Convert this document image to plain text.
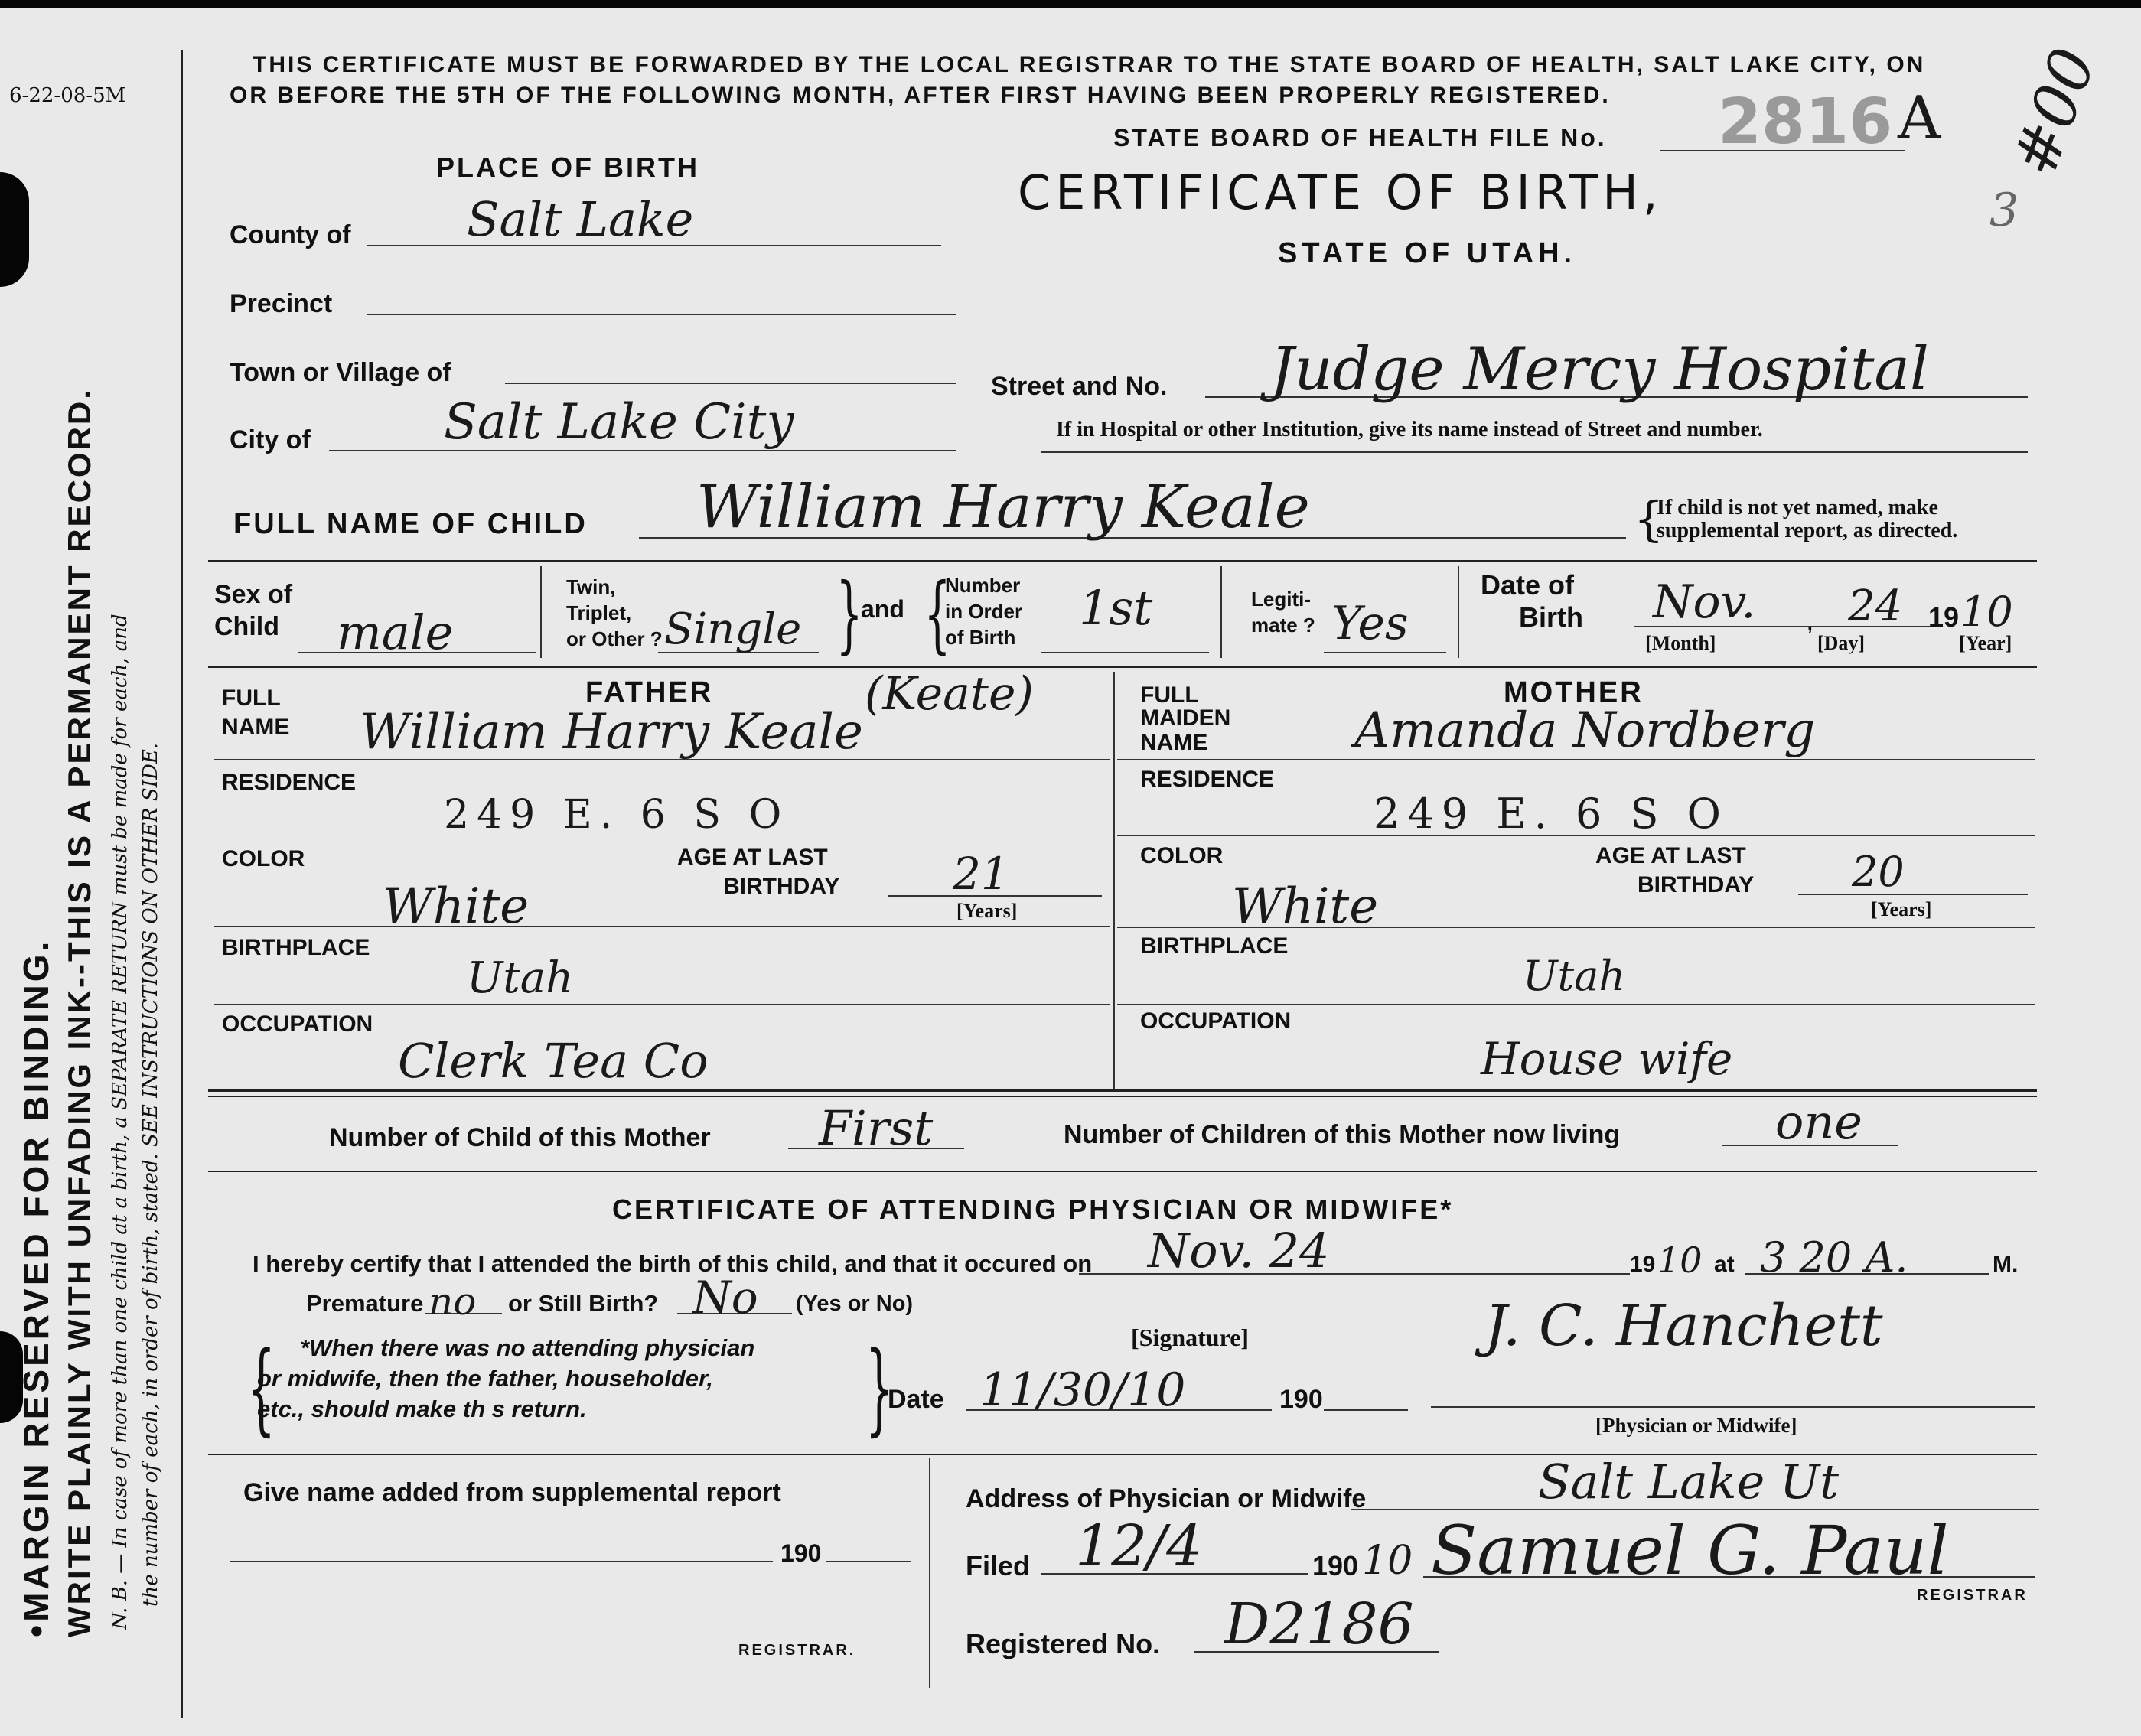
6-22-08-5M
•MARGIN RESERVED FOR BINDING. WRITE PLAINLY WITH UNFADING INK--THIS IS A PERMANENT RECORD. N. B. — In case of more than one child at a birth, a SEPARATE RETURN must be made for each, and the number of each, in order of birth, stated. SEE INSTRUCTIONS ON OTHER SIDE.
THIS CERTIFICATE MUST BE FORWARDED BY THE LOCAL REGISTRAR TO THE STATE BOARD OF HEALTH, SALT LAKE CITY, ON
OR BEFORE THE 5TH OF THE FOLLOWING MONTH, AFTER FIRST HAVING BEEN PROPERLY REGISTERED.
STATE BOARD OF HEALTH FILE No. 2816 A #00
3
CERTIFICATE OF BIRTH,
STATE OF UTAH.
PLACE OF BIRTH
County of Salt Lake
Precinct
Town or Village of
City of	Salt Lake City
Street and No. Judge Mercy Hospital
If in Hospital or other Institution, give its name instead of Street and number.
FULL NAME OF CHILD William Harry Keale	{
If child is not yet named, make
supplemental report, as directed.
Sex of
Child male
Twin,
Triplet,
or Other ? Single }
and {
Number
in Order
of Birth
1st	Legiti-
mate ? Yes
Date of
Birth Nov. , 24 19 10
[Month]	[Day]	[Year]
FATHER
FULL
NAME William Harry Keale
(Keate)
RESIDENCE
249 E. 6 S O
COLOR
White
AGE AT LAST
BIRTHDAY	21
[Years]
BIRTHPLACE
Utah
OCCUPATION
Clerk Tea Co
MOTHER
FULL
MAIDEN
NAME	Amanda Nordberg
RESIDENCE
249 E. 6 S O
COLOR
White
AGE AT LAST
BIRTHDAY 20
[Years]
BIRTHPLACE
Utah
OCCUPATION
House wife
Number of Child of this Mother First	Number of Children of this Mother now living	one
CERTIFICATE OF ATTENDING PHYSICIAN OR MIDWIFE*
I hereby certify that I attended the birth of this child, and that it occured on Nov. 24	19 10 at 3 20 A.	M.
Premature no or Still Birth? No (Yes or No)
{ *When there was no attending physician
or midwife, then the father, householder,
etc., should make th s return.	}	[Signature]	J. C. Hanchett
[Physician or Midwife]
Date 11/30/10	190
Give name added from supplemental report
190
REGISTRAR.
Address of Physician or Midwife	Salt Lake Ut
Filed 12/4	190 10 Samuel G. Paul
REGISTRAR
Registered No. D2186
